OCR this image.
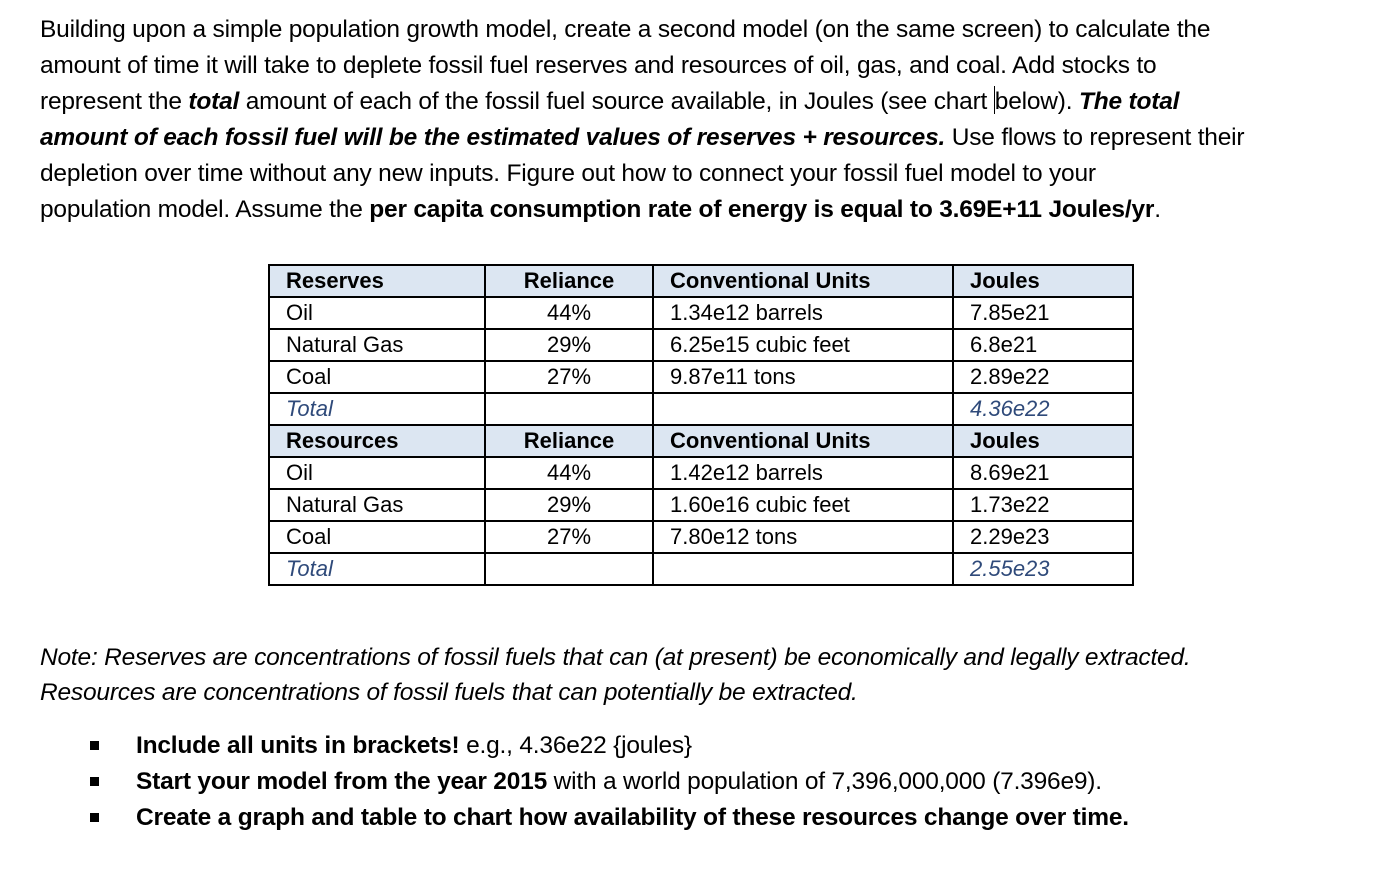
Building upon a simple population growth model, create a second model (on the same screen) to calculate the
amount of time it will take to deplete fossil fuel reserves and resources of oil, gas, and coal. Add stocks to
represent the total amount of each of the fossil fuel source available, in Joules (see chart below). The total
amount of each fossil fuel will be the estimated values of reserves + resources. Use flows to represent their
depletion over time without any new inputs. Figure out how to connect your fossil fuel model to your
population model. Assume the per capita consumption rate of energy is equal to 3.69E+11 Joules/yr.
Reserves	Reliance	Conventional Units	Joules
Oil	44%	1.34e12 barrels	7.85e21
Natural Gas	29%	6.25e15 cubic feet	6.8e21
Coal	27%	9.87e11 tons	2.89e22
Total			4.36e22
Resources	Reliance	Conventional Units	Joules
Oil	44%	1.42e12 barrels	8.69e21
Natural Gas	29%	1.60e16 cubic feet	1.73e22
Coal	27%	7.80e12 tons	2.29e23
Total			2.55e23
Note: Reserves are concentrations of fossil fuels that can (at present) be economically and legally extracted.
Resources are concentrations of fossil fuels that can potentially be extracted.
Include all units in brackets! e.g., 4.36e22 {joules}
Start your model from the year 2015 with a world population of 7,396,000,000 (7.396e9).
Create a graph and table to chart how availability of these resources change over time.
